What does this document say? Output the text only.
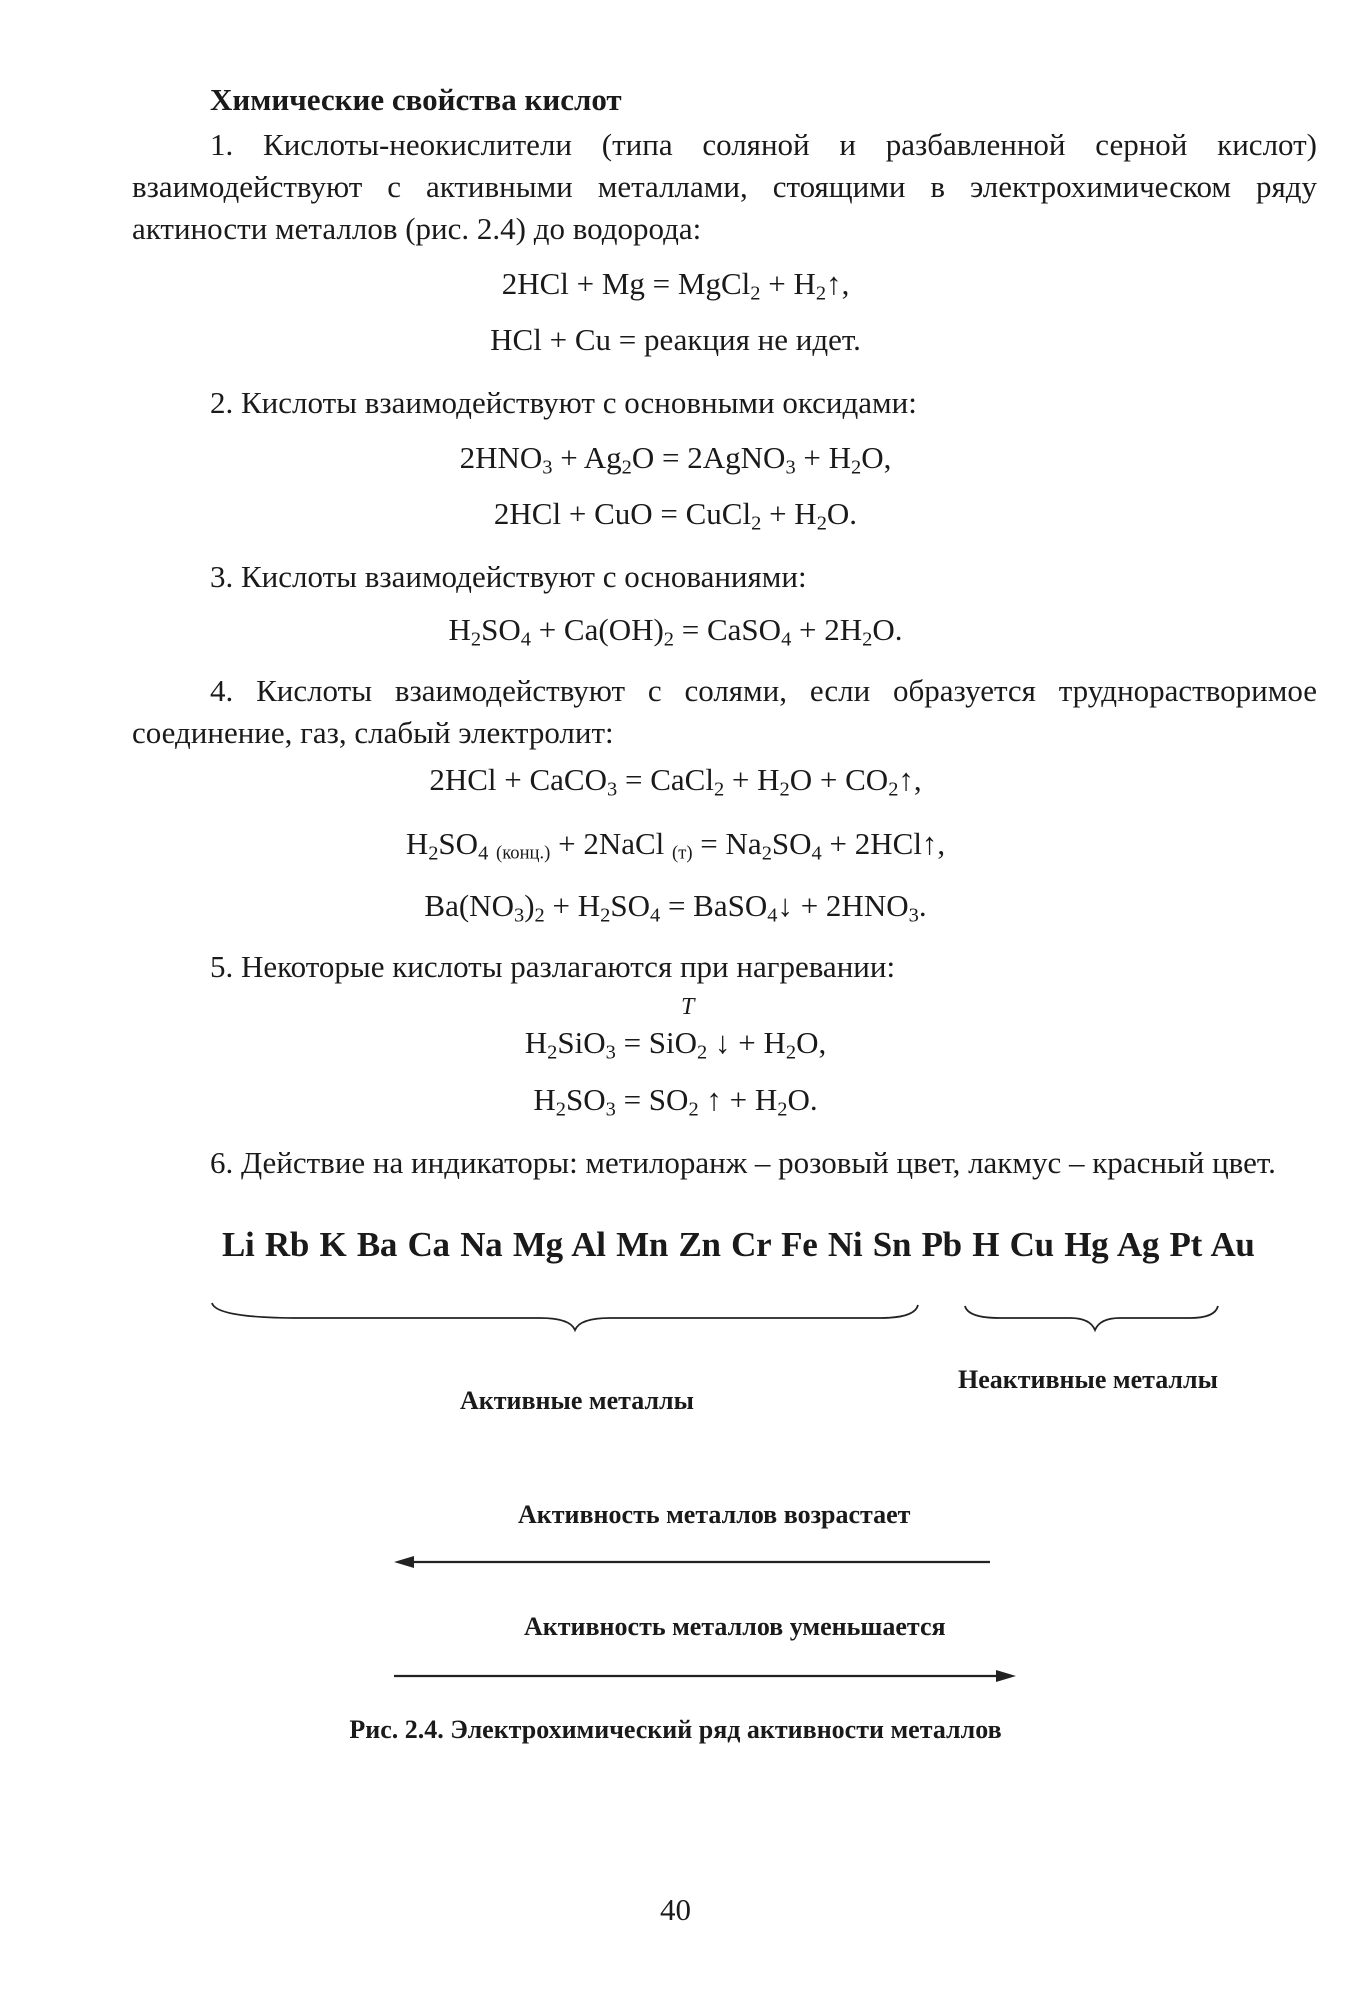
Химические свойства кислот
1. Кислоты-неокислители (типа соляной и разбавленной серной кислот) взаимодействуют с активными металлами, стоящими в электрохимическом ряду актиности металлов (рис. 2.4) до водорода:
2HCl + Mg = MgCl$_2$ + $H_2↑$,
HCl + Cu = реакция не идет.
2. Кислоты взаимодействуют с основными оксидами:
$2HNO_3 + Ag_2O$ = 2AgNO$_3$ + $H_2O$,
2HCl + CuO = CuCl$_2$ + $H_2O$.
3. Кислоты взаимодействуют с основаниями:
$H_2SO_4 + Ca(OH)_2$ = CaSO$_4$ + $2H_2O$.
4. Кислоты взаимодействуют с солями, если образуется труднорастворимое соединение, газ, слабый электролит:
2HCl + CaCO$_3$ = CaCl$_2$ + $H_2O$ + $CO_2↑$,
$H_2SO_4$ (конц.) + 2NaCl $(т) = Na_2SO_4$ + 2HCl↑,
$Ba(NO_3)_2 + H_2SO_4$ = BaSO$_4$↓ + $2HNO_3$.
5. Некоторые кислоты разлагаются при нагревании:
T
$H_2SiO_3 = SiO_2$ ↓ + $H_2O$,
$H_2SO_3 = SO_2$ ↑ + $H_2O$.
6. Действие на индикаторы: метилоранж – розовый цвет, лакмус – красный цвет.
Li Rb K Ba Ca Na Mg Al Mn Zn Cr Fe Ni Sn Pb H Cu Hg Ag Pt Au
Активные металлы
Неактивные металлы
Активность металлов возрастает
Активность металлов уменьшается
Рис. 2.4. Электрохимический ряд активности металлов
40
